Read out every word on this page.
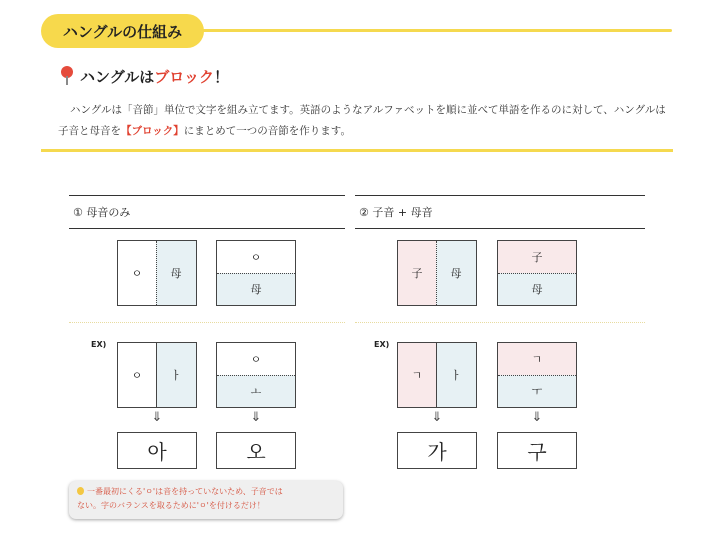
ハングルの仕組み
ハングルは ブロック ！

ハングルは「音節」単位で文字を組み立てます。英語のようなアルファベットを順に並べて単語を作るのに対して、ハングルは子音と母音を【ブロック】にまとめて一つの音節を作ります。

① 母音のみ	② 子音 + 母音
ㅇ	母
ㅇ
母
子	母
子
母
EX)	EX)
ㅇ	ㅏ
ㅇ
ㅗ
ㄱ	ㅏ
ㄱ
ㅜ
⇓	⇓	⇓	⇓
아	오	가	구
一番最初にくる'ㅇ'は音を持っていないため、子音では
ない。字のバランスを取るために'ㅇ'を付けるだけ！
